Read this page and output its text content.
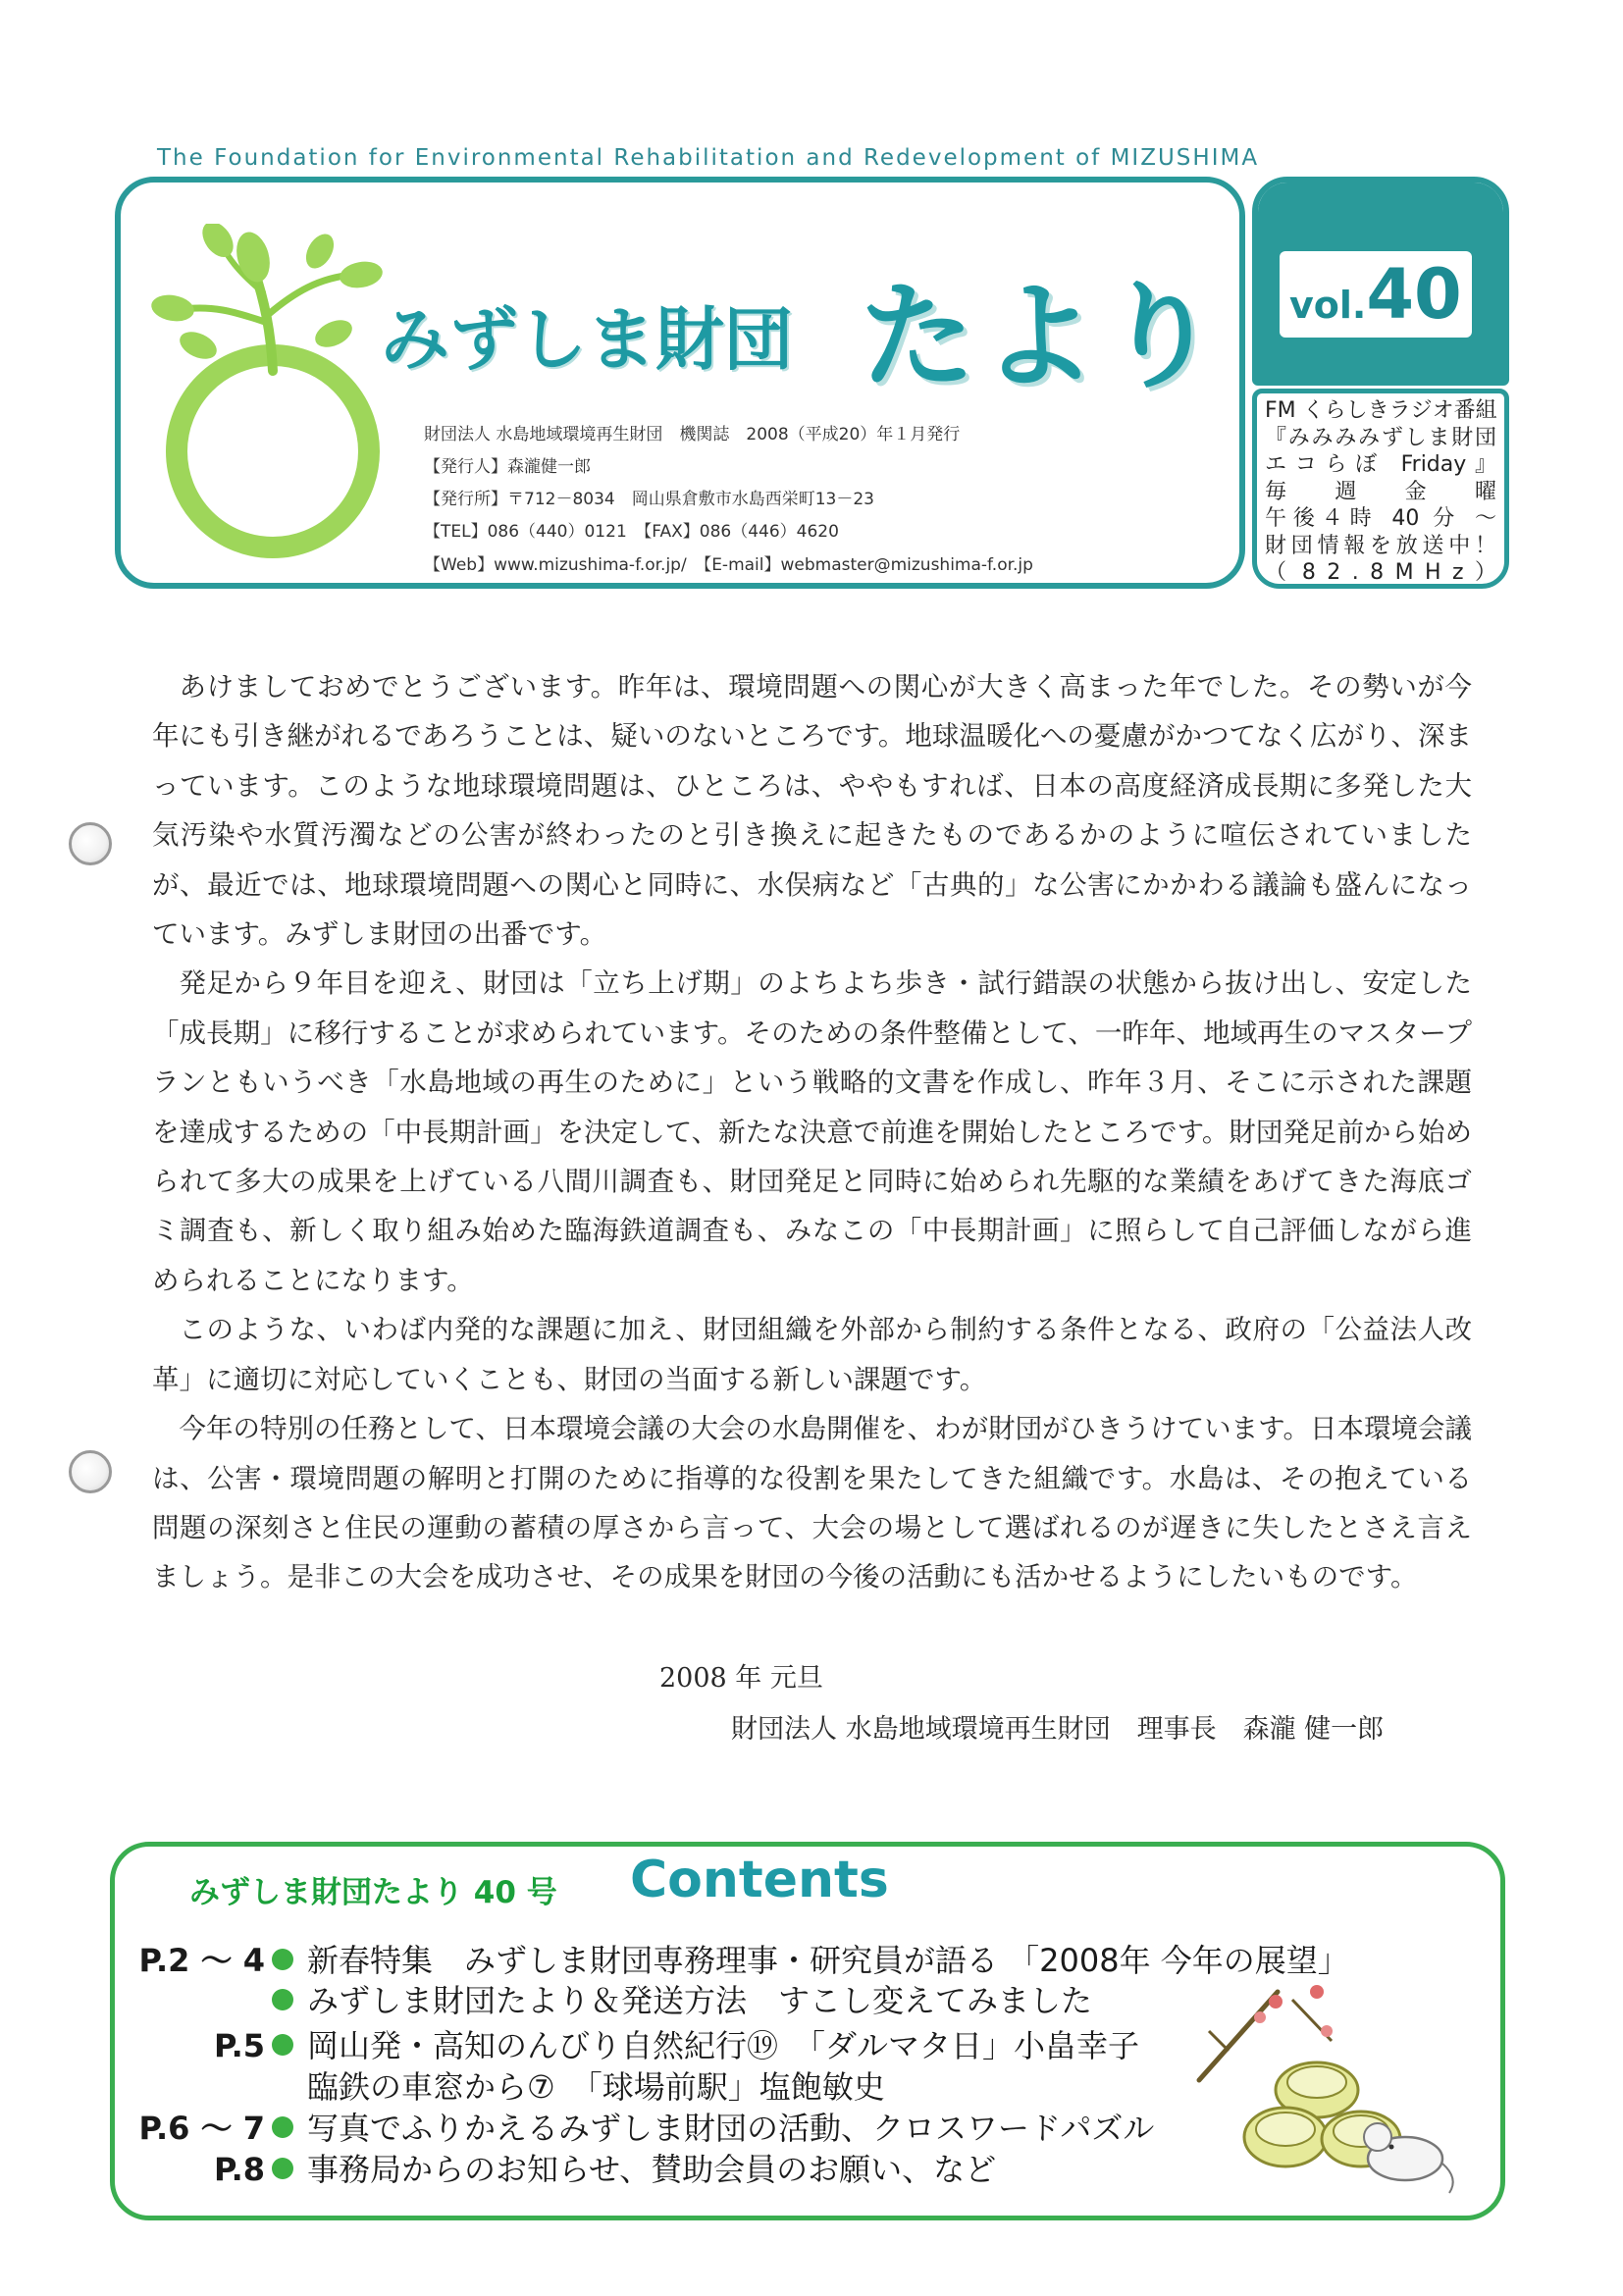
The Foundation for Environmental Rehabilitation and Redevelopment of MIZUSHIMA
みずしま財団 たより
財団法人 水島地域環境再生財団　機関誌　2008（平成20）年１月発行
【発行人】森瀧健一郎
【発行所】〒712－8034　岡山県倉敷市水島西栄町13－23
【TEL】086（440）0121　【FAX】086（446）4620
【Web】www.mizushima-f.or.jp/　【E-mail】webmaster@mizushima-f.or.jp
vol.40
FM くらしきラジオ番組
『みみみみずしま財団
エコらぼ Friday』
毎　週　金　曜
午後４時 40 分 ～
財団情報を放送中！
（ 8 2 . 8 M H z ）

あけましておめでとうございます。昨年は、環境問題への関心が大きく高まった年でした。その勢いが今年にも引き継がれるであろうことは、疑いのないところです。地球温暖化への憂慮がかつてなく広がり、深まっています。このような地球環境問題は、ひところは、ややもすれば、日本の高度経済成長期に多発した大気汚染や水質汚濁などの公害が終わったのと引き換えに起きたものであるかのように喧伝されていましたが、最近では、地球環境問題への関心と同時に、水俣病など「古典的」な公害にかかわる議論も盛んになっています。みずしま財団の出番です。

発足から９年目を迎え、財団は「立ち上げ期」のよちよち歩き・試行錯誤の状態から抜け出し、安定した「成長期」に移行することが求められています。そのための条件整備として、一昨年、地域再生のマスタープランともいうべき「水島地域の再生のために」という戦略的文書を作成し、昨年３月、そこに示された課題を達成するための「中長期計画」を決定して、新たな決意で前進を開始したところです。財団発足前から始められて多大の成果を上げている八間川調査も、財団発足と同時に始められ先駆的な業績をあげてきた海底ゴミ調査も、新しく取り組み始めた臨海鉄道調査も、みなこの「中長期計画」に照らして自己評価しながら進められることになります。

このような、いわば内発的な課題に加え、財団組織を外部から制約する条件となる、政府の「公益法人改革」に適切に対応していくことも、財団の当面する新しい課題です。

今年の特別の任務として、日本環境会議の大会の水島開催を、わが財団がひきうけています。日本環境会議は、公害・環境問題の解明と打開のために指導的な役割を果たしてきた組織です。水島は、その抱えている問題の深刻さと住民の運動の蓄積の厚さから言って、大会の場として選ばれるのが遅きに失したとさえ言えましょう。是非この大会を成功させ、その成果を財団の今後の活動にも活かせるようにしたいものです。

2008 年 元旦
財団法人 水島地域環境再生財団　理事長　森瀧 健一郎
みずしま財団たより 40 号 Contents
P.2 ～ 4	新春特集　みずしま財団専務理事・研究員が語る 「2008年 今年の展望」
みずしま財団たより＆発送方法　すこし変えてみました
P.5	岡山発・高知のんびり自然紀行⑲　「ダルマタ日」小畠幸子
臨鉄の車窓から⑦　「球場前駅」塩飽敏史
P.6 ～ 7	写真でふりかえるみずしま財団の活動、クロスワードパズル
P.8	事務局からのお知らせ、賛助会員のお願い、など
